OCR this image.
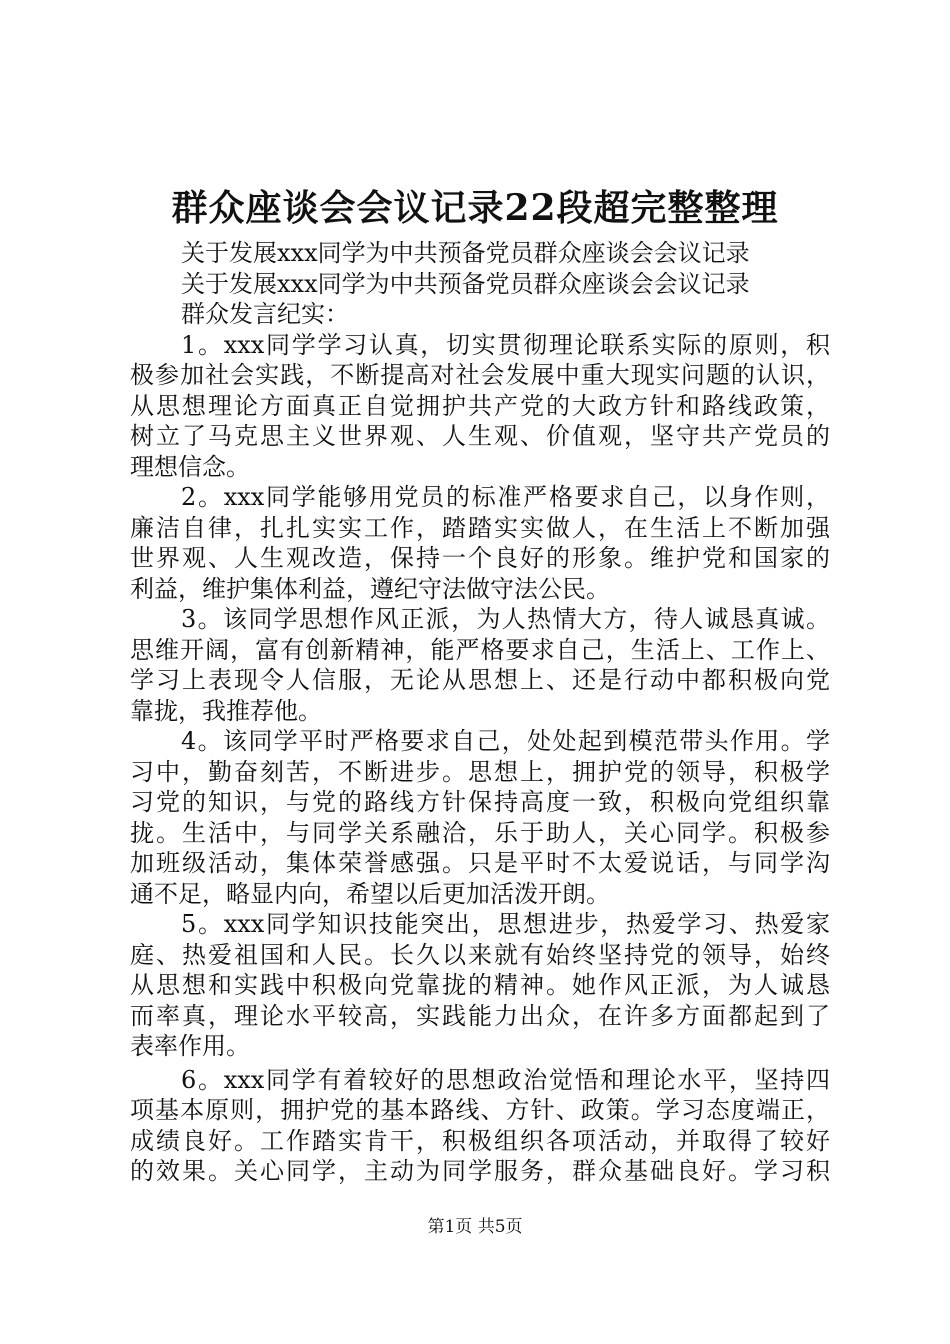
群众座谈会会议记录22段超完整整理
关于发展xxx同学为中共预备党员群众座谈会会议记录
关于发展xxx同学为中共预备党员群众座谈会会议记录
群众发言纪实：
1。xxx同学学习认真，切实贯彻理论联系实际的原则，积
极参加社会实践，不断提高对社会发展中重大现实问题的认识，
从思想理论方面真正自觉拥护共产党的大政方针和路线政策，
树立了马克思主义世界观、人生观、价值观，坚守共产党员的
理想信念。
2。xxx同学能够用党员的标准严格要求自己，以身作则，
廉洁自律，扎扎实实工作，踏踏实实做人，在生活上不断加强
世界观、人生观改造，保持一个良好的形象。维护党和国家的
利益，维护集体利益，遵纪守法做守法公民。
3。该同学思想作风正派，为人热情大方，待人诚恳真诚。
思维开阔，富有创新精神，能严格要求自己，生活上、工作上、
学习上表现令人信服，无论从思想上、还是行动中都积极向党
靠拢，我推荐他。
4。该同学平时严格要求自己，处处起到模范带头作用。学
习中，勤奋刻苦，不断进步。思想上，拥护党的领导，积极学
习党的知识，与党的路线方针保持高度一致，积极向党组织靠
拢。生活中，与同学关系融洽，乐于助人，关心同学。积极参
加班级活动，集体荣誉感强。只是平时不太爱说话，与同学沟
通不足，略显内向，希望以后更加活泼开朗。
5。xxx同学知识技能突出，思想进步，热爱学习、热爱家
庭、热爱祖国和人民。长久以来就有始终坚持党的领导，始终
从思想和实践中积极向党靠拢的精神。她作风正派，为人诚恳
而率真，理论水平较高，实践能力出众，在许多方面都起到了
表率作用。
6。xxx同学有着较好的思想政治觉悟和理论水平，坚持四
项基本原则，拥护党的基本路线、方针、政策。学习态度端正，
成绩良好。工作踏实肯干，积极组织各项活动，并取得了较好
的效果。关心同学，主动为同学服务，群众基础良好。学习积
第1页 共5页
